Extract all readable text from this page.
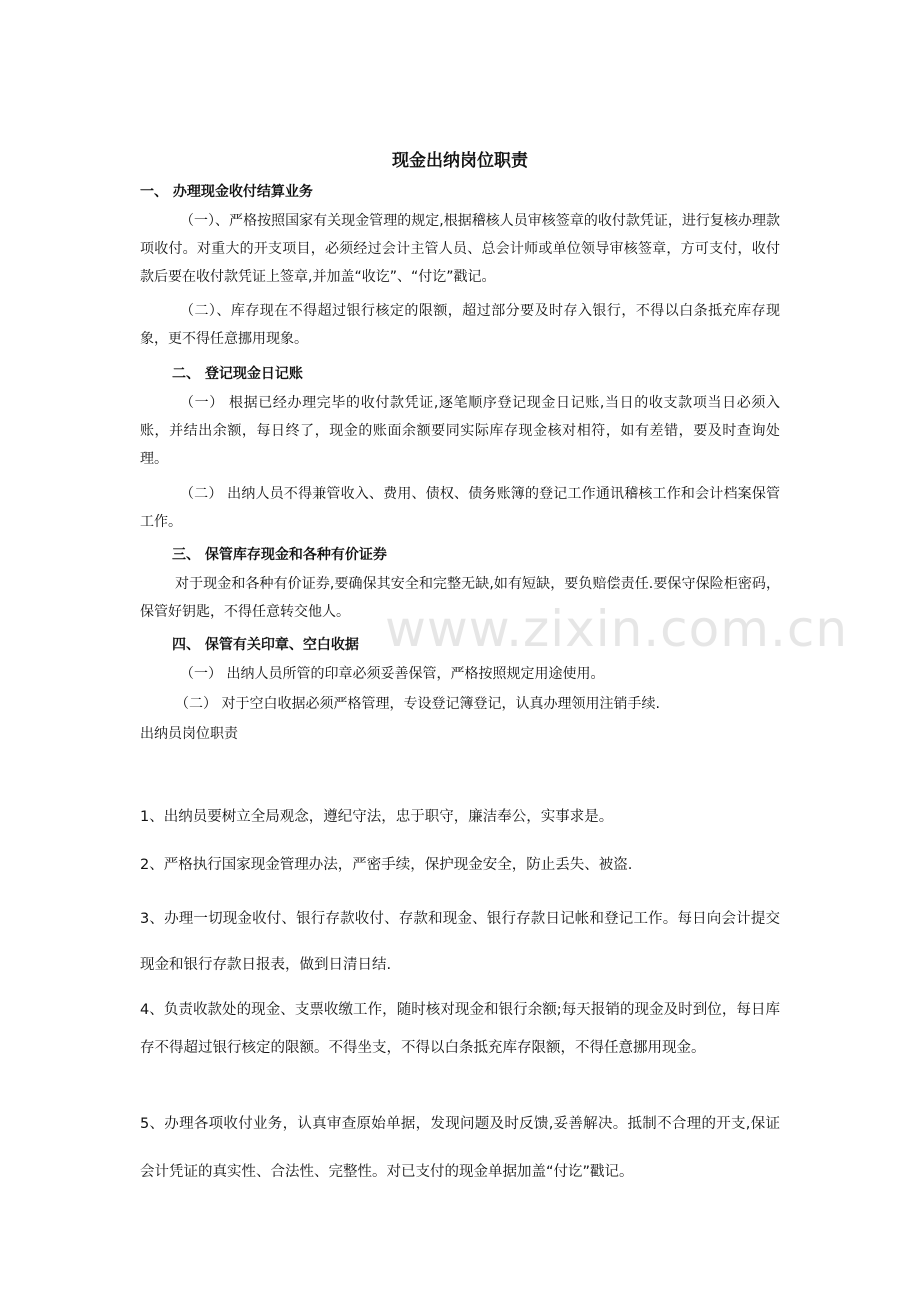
www.zixin.com.cn
现金出纳岗位职责
一、 办理现金收付结算业务
（一）、严格按照国家有关现金管理的规定,根据稽核人员审核签章的收付款凭证，进行复核办理款项收付。对重大的开支项目，必须经过会计主管人员、总会计师或单位领导审核签章，方可支付，收付款后要在收付款凭证上签章,并加盖“收讫”、“付讫”戳记。
（二）、库存现在不得超过银行核定的限额，超过部分要及时存入银行，不得以白条抵充库存现象，更不得任意挪用现象。
二、 登记现金日记账
（一） 根据已经办理完毕的收付款凭证,逐笔顺序登记现金日记账,当日的收支款项当日必须入账，并结出余额，每日终了，现金的账面余额要同实际库存现金核对相符，如有差错，要及时查询处理。
（二） 出纳人员不得兼管收入、费用、债权、债务账簿的登记工作通讯稽核工作和会计档案保管工作。
三、 保管库存现金和各种有价证券
对于现金和各种有价证券,要确保其安全和完整无缺,如有短缺，要负赔偿责任.要保守保险柜密码，保管好钥匙，不得任意转交他人。
四、 保管有关印章、空白收据
（一） 出纳人员所管的印章必须妥善保管，严格按照规定用途使用。
（二） 对于空白收据必须严格管理，专设登记簿登记，认真办理领用注销手续.
出纳员岗位职责
1、出纳员要树立全局观念，遵纪守法，忠于职守，廉洁奉公，实事求是。
2、严格执行国家现金管理办法，严密手续，保护现金安全，防止丢失、被盗.
3、办理一切现金收付、银行存款收付、存款和现金、银行存款日记帐和登记工作。每日向会计提交现金和银行存款日报表，做到日清日结.
4、负责收款处的现金、支票收缴工作，随时核对现金和银行余额;每天报销的现金及时到位，每日库存不得超过银行核定的限额。不得坐支，不得以白条抵充库存限额，不得任意挪用现金。
5、办理各项收付业务，认真审查原始单据，发现问题及时反馈,妥善解决。抵制不合理的开支,保证会计凭证的真实性、合法性、完整性。对已支付的现金单据加盖“付讫”戳记。
